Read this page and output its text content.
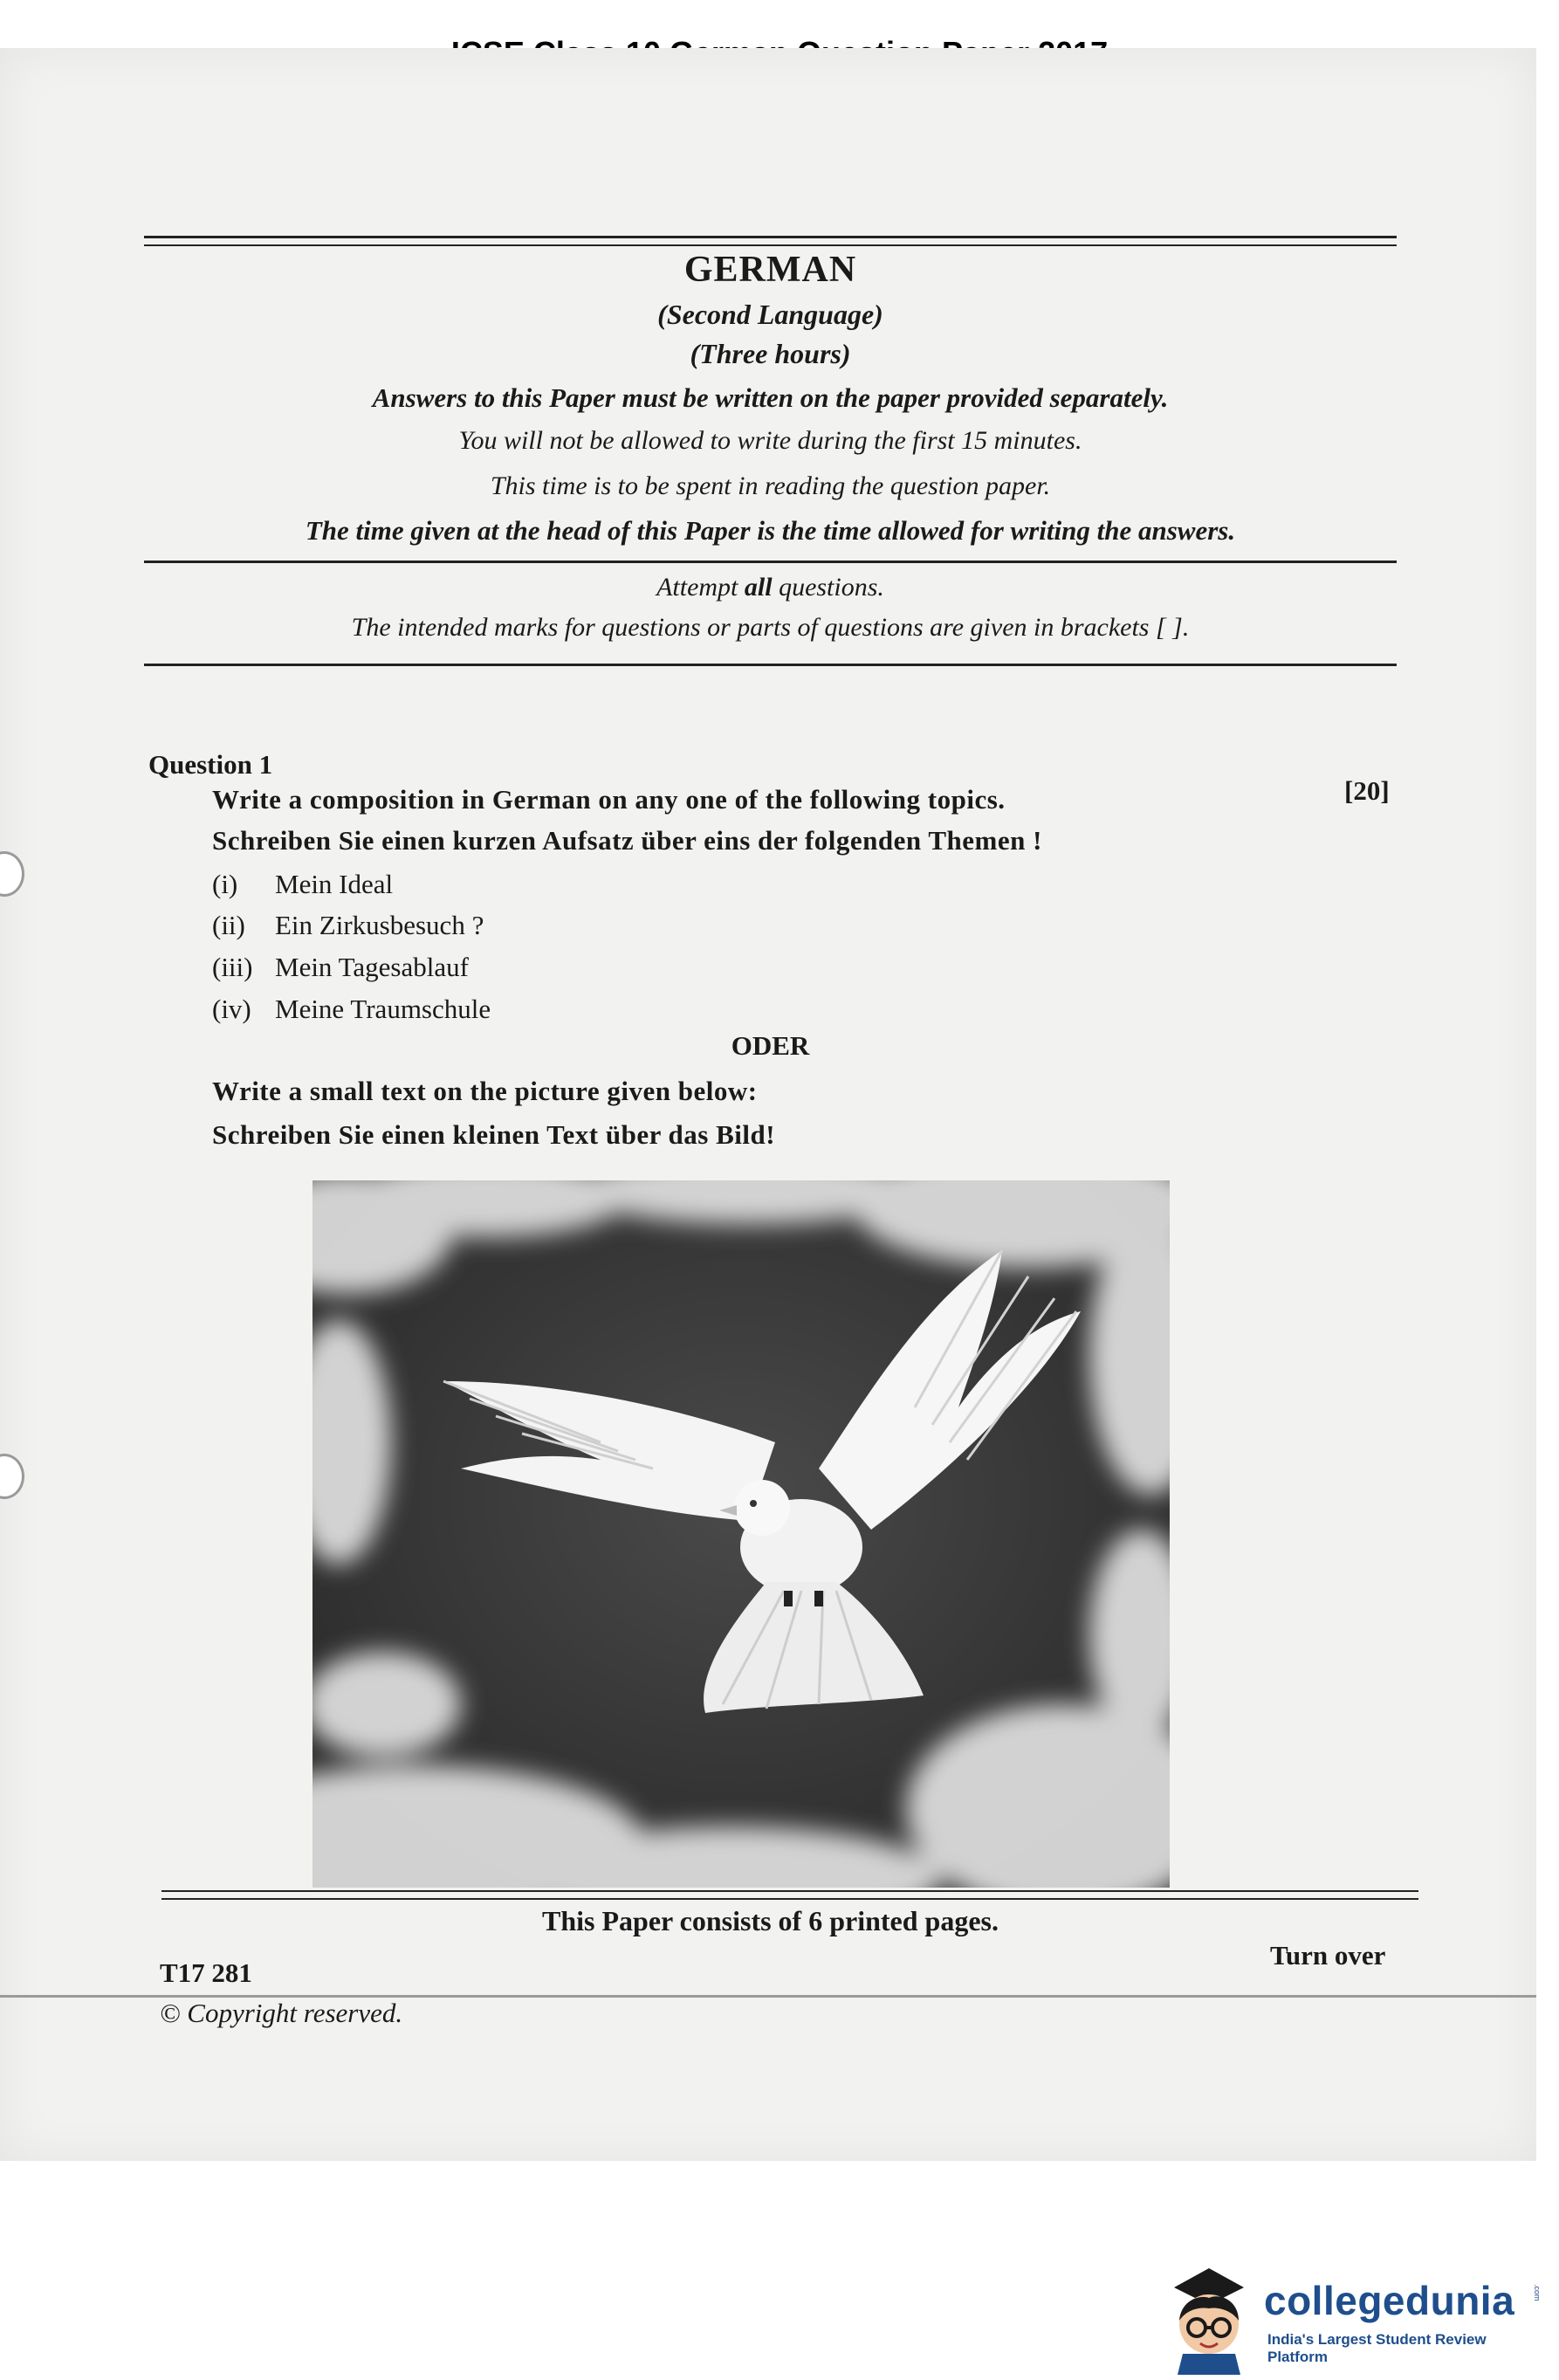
GERMAN
(Second Language)
(Three hours)
Answers to this Paper must be written on the paper provided separately.
You will not be allowed to write during the first 15 minutes.
This time is to be spent in reading the question paper.
The time given at the head of this Paper is the time allowed for writing the answers.
Attempt all questions.
The intended marks for questions or parts of questions are given in brackets [ ].
Question 1
Write a composition in German on any one of the following topics.	[20]
Schreiben Sie einen kurzen Aufsatz über eins der folgenden Themen !
(i) Mein Ideal
(ii) Ein Zirkusbesuch ?
(iii) Mein Tagesablauf
(iv) Meine Traumschule
ODER
Write a small text on the picture given below:
Schreiben Sie einen kleinen Text über das Bild!
This Paper consists of 6 printed pages.
Turn over
T17 281
© Copyright reserved.
collegedunia .com
India's Largest Student Review Platform
